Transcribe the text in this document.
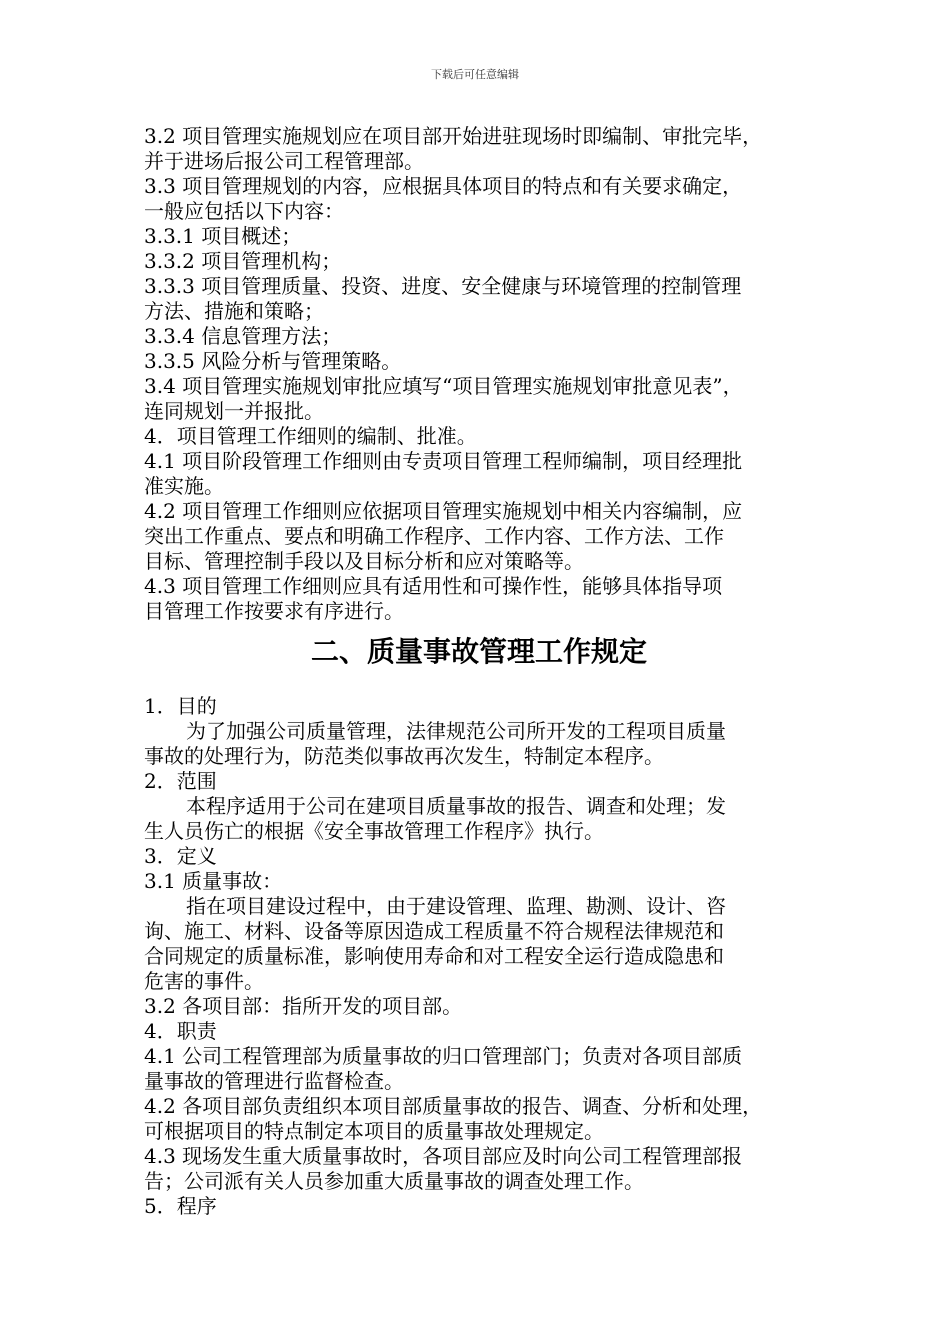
下载后可任意编辑
3.2 项目管理实施规划应在项目部开始进驻现场时即编制、审批完毕，
并于进场后报公司工程管理部。
3.3 项目管理规划的内容，应根据具体项目的特点和有关要求确定，
一般应包括以下内容：
3.3.1 项目概述；
3.3.2 项目管理机构；
3.3.3 项目管理质量、投资、进度、安全健康与环境管理的控制管理
方法、措施和策略；
3.3.4 信息管理方法；
3.3.5 风险分析与管理策略。
3.4 项目管理实施规划审批应填写“项目管理实施规划审批意见表”，
连同规划一并报批。
4．项目管理工作细则的编制、批准。
4.1 项目阶段管理工作细则由专责项目管理工程师编制，项目经理批
准实施。
4.2 项目管理工作细则应依据项目管理实施规划中相关内容编制，应
突出工作重点、要点和明确工作程序、工作内容、工作方法、工作
目标、管理控制手段以及目标分析和应对策略等。
4.3 项目管理工作细则应具有适用性和可操作性，能够具体指导项
目管理工作按要求有序进行。
二、质量事故管理工作规定
1．目的
为了加强公司质量管理，法律规范公司所开发的工程项目质量
事故的处理行为，防范类似事故再次发生，特制定本程序。
2．范围
本程序适用于公司在建项目质量事故的报告、调查和处理；发
生人员伤亡的根据《安全事故管理工作程序》执行。
3．定义
3.1 质量事故：
指在项目建设过程中，由于建设管理、监理、勘测、设计、咨
询、施工、材料、设备等原因造成工程质量不符合规程法律规范和
合同规定的质量标准，影响使用寿命和对工程安全运行造成隐患和
危害的事件。
3.2 各项目部：指所开发的项目部。
4．职责
4.1 公司工程管理部为质量事故的归口管理部门；负责对各项目部质
量事故的管理进行监督检查。
4.2 各项目部负责组织本项目部质量事故的报告、调查、分析和处理，
可根据项目的特点制定本项目的质量事故处理规定。
4.3 现场发生重大质量事故时，各项目部应及时向公司工程管理部报
告；公司派有关人员参加重大质量事故的调查处理工作。
5．程序
